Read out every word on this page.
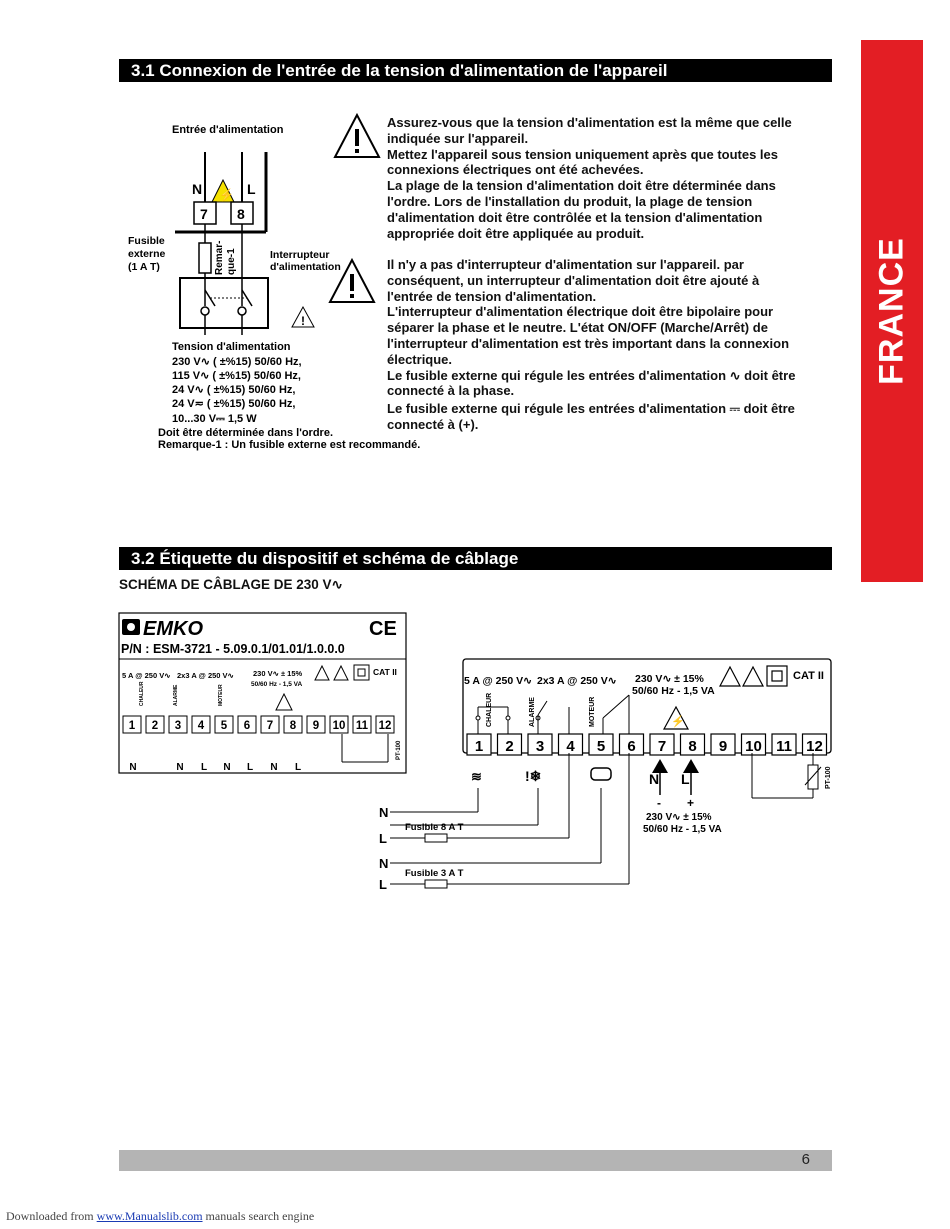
FRANCE
3.1 Connexion de l'entrée de la tension d'alimentation de l'appareil
Entrée d'alimentation
⚡
N	L
7 8
Remar- que-1
Fusible
externe
(1 A T)
Interrupteur
d'alimentation
!
Tension d'alimentation
230 V∿ ( ±%15) 50/60 Hz,
115 V∿ ( ±%15) 50/60 Hz,
24 V∿ ( ±%15) 50/60 Hz,
24 V≂ ( ±%15) 50/60 Hz,
10...30 V⎓ 1,5 W
Doit être déterminée dans l'ordre.
Remarque-1 : Un fusible externe est recommandé.

Assurez-vous que la tension d'alimentation est la même que celle indiquée sur l'appareil.

Mettez l'appareil sous tension uniquement après que toutes les connexions électriques ont été achevées.

La plage de la tension d'alimentation doit être déterminée dans l'ordre. Lors de l'installation du produit, la plage de tension d'alimentation doit être contrôlée et la tension d'alimentation appropriée doit être appliquée au produit.

Il n'y a pas d'interrupteur d'alimentation sur l'appareil. par conséquent, un interrupteur d'alimentation doit être ajouté à l'entrée de tension d'alimentation.

L'interrupteur d'alimentation électrique doit être bipolaire pour séparer la phase et le neutre. L'état ON/OFF (Marche/Arrêt) de l'interrupteur d'alimentation est très important dans la connexion électrique.

Le fusible externe qui régule les entrées d'alimentation ∿ doit être connecté à la phase.

Le fusible externe qui régule les entrées d'alimentation ⎓ doit être connecté à (+).

3.2 Étiquette du dispositif et schéma de câblage
SCHÉMA DE CÂBLAGE DE 230 V∿
EMKO	CE
P/N : ESM-3721 - 5.09.0.1/01.01/1.0.0.0
5 A @ 250 V∿ 2x3 A @ 250 V∿	230 V∿ ± 15%
50/60 Hz - 1,5 VA
CAT II
CHALEUR	ALARME	MOTEUR
1 2 3 4 5 6 7 8 9 10 11 12
PT-100
N	N L N L N L
5 A @ 250 V∿ 2x3 A @ 250 V∿ 230 V∿ ± 15%
50/60 Hz - 1,5 VA
CAT II
CHALEUR	ALARME	MOTEUR	⚡
1 2 3 4 5 6 7 8 9 10 11 12
N L
- +
230 V∿ ± 15%
50/60 Hz - 1,5 VA
PT-100
≋	!❄
Fusible 8 A T
Fusible 3 A T
N
L
N
L
6
Downloaded from www.Manualslib.com manuals search engine
